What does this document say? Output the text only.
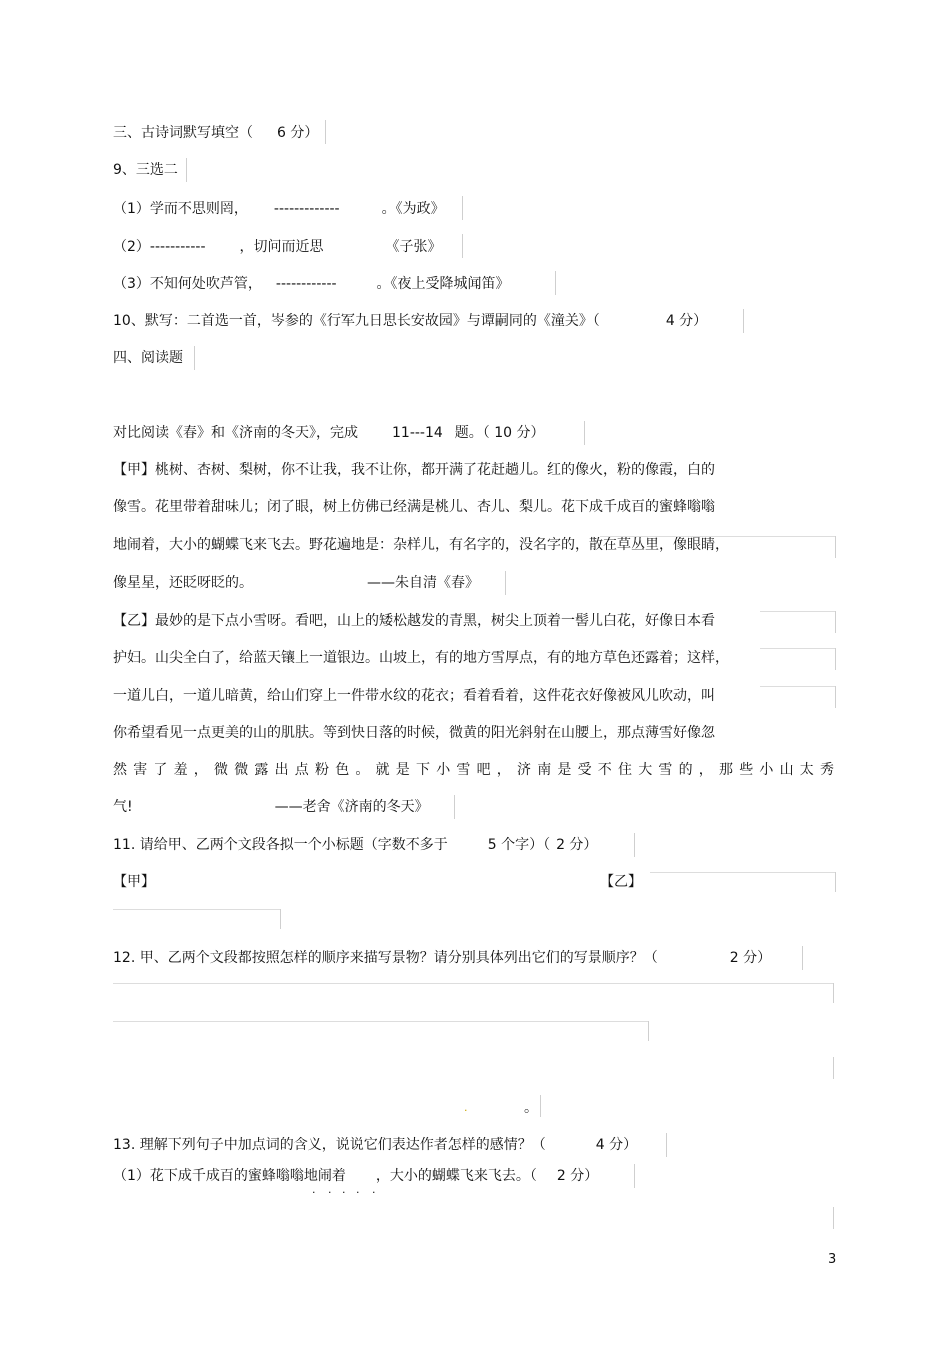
三、古诗词默写填空（ 6 分）
9、三选二
（1）学而不思则罔， -------------	。《为政》
（2）----------- ，切问而近思	《子张》
（3）不知何处吹芦管， ------------	。《夜上受降城闻笛》
10、默写：二首选一首，岑参的《行军九日思长安故园》与谭嗣同的《潼关》（	4 分）
四、阅读题
对比阅读《春》和《济南的冬天》，完成 11---14 题。（ 10 分）
【甲】桃树、杏树、梨树，你不让我，我不让你，都开满了花赶趟儿。红的像火，粉的像霞，白的
像雪。花里带着甜味儿；闭了眼，树上仿佛已经满是桃儿、杏儿、梨儿。花下成千成百的蜜蜂嗡嗡
地闹着，大小的蝴蝶飞来飞去。野花遍地是：杂样儿，有名字的，没名字的，散在草丛里，像眼睛，
像星星，还眨呀眨的。	——朱自清《春》
【乙】最妙的是下点小雪呀。看吧，山上的矮松越发的青黑，树尖上顶着一髻儿白花，好像日本看
护妇。山尖全白了，给蓝天镶上一道银边。山坡上，有的地方雪厚点，有的地方草色还露着；这样，
一道儿白，一道儿暗黄，给山们穿上一件带水纹的花衣；看着看着，这件花衣好像被风儿吹动，叫
你希望看见一点更美的山的肌肤。等到快日落的时候，微黄的阳光斜射在山腰上，那点薄雪好像忽
然害了羞，微微露出点粉色。就是下小雪吧，济南是受不住大雪的，那些小山太秀
气!	——老舍《济南的冬天》
11. 请给甲、乙两个文段各拟一个小标题（字数不多于	5 个字）（ 2 分）
【甲】	【乙】
12. 甲、乙两个文段都按照怎样的顺序来描写景物？请分别具体列出它们的写景顺序？（	2 分）
·	。
13. 理解下列句子中加点词的含义，说说它们表达作者怎样的感情？（	4 分）
（1）花下成千成百的蜜蜂嗡嗡地闹着 ，大小的蝴蝶飞来飞去。（ 2 分）
. . . . .
3
